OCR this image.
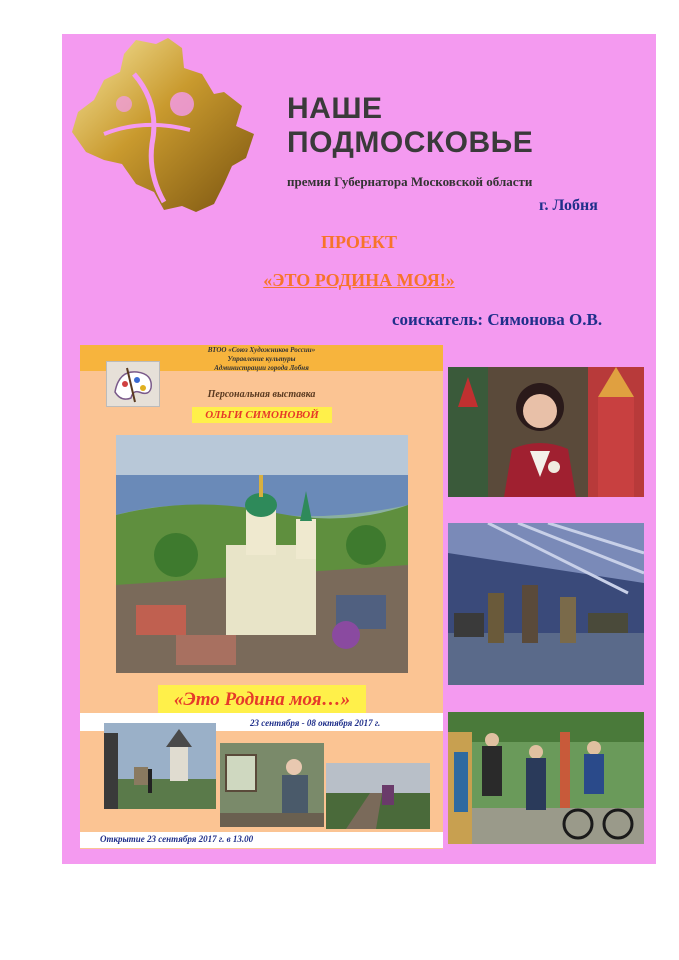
НАШЕ
ПОДМОСКОВЬЕ
премия Губернатора Московской области
г. Лобня
ПРОЕКТ
«ЭТО РОДИНА МОЯ!»
соискатель: Симонова О.В.
ВТОО «Союз Художников России»
Управление культуры
Администрации города Лобня
Персональная выставка
ОЛЬГИ СИМОНОВОЙ
«Это Родина моя…»
23 сентября - 08 октября 2017 г.
Открытие 23 сентября 2017 г. в 13.00
